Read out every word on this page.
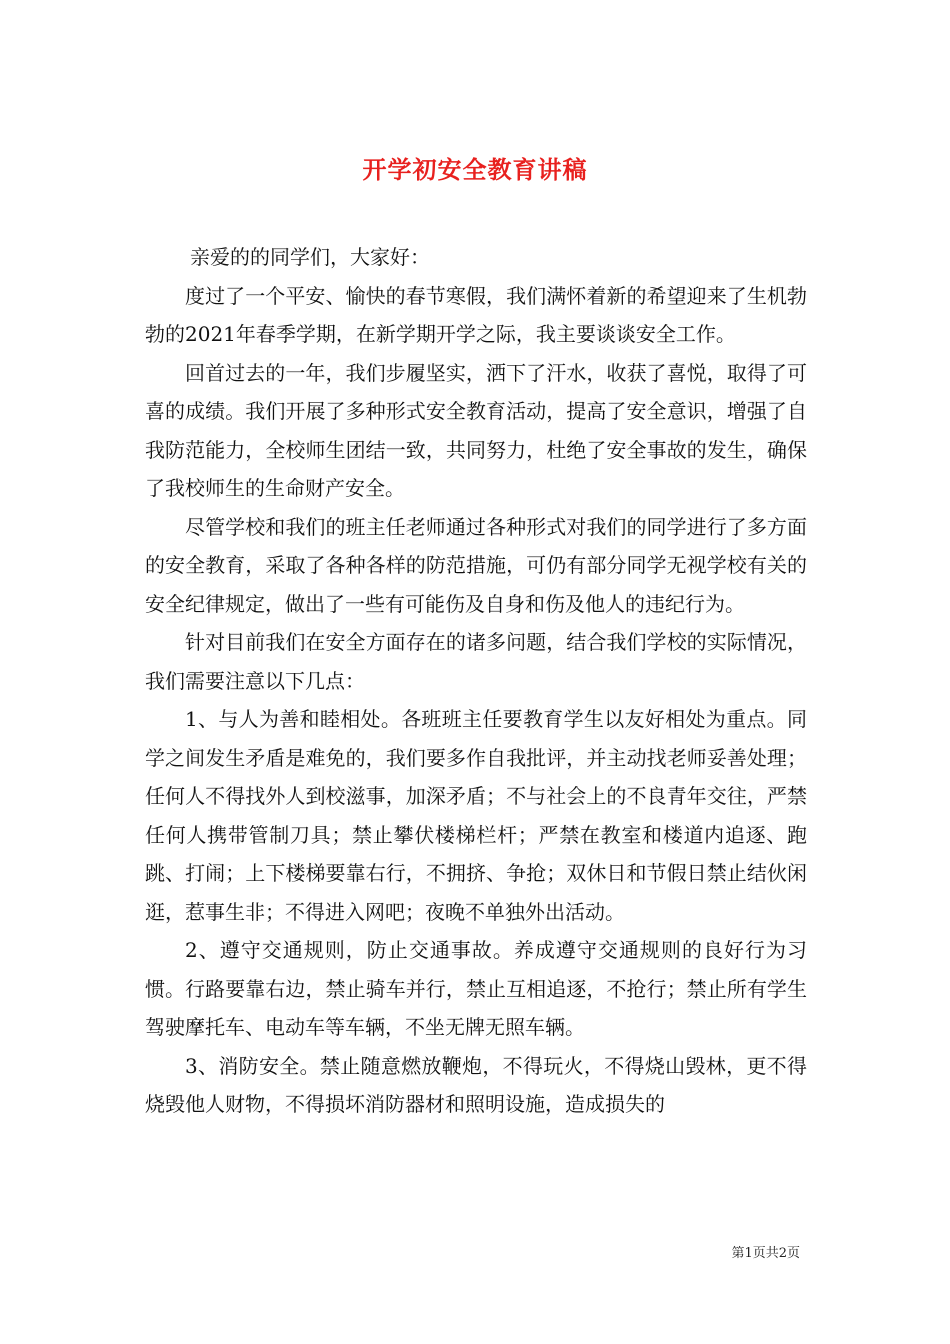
开学初安全教育讲稿

亲爱的的同学们，大家好：

度过了一个平安、愉快的春节寒假，我们满怀着新的希望迎来了生机勃勃的2021年春季学期，在新学期开学之际，我主要谈谈安全工作。

回首过去的一年，我们步履坚实，洒下了汗水，收获了喜悦，取得了可喜的成绩。我们开展了多种形式安全教育活动，提高了安全意识，增强了自我防范能力，全校师生团结一致，共同努力，杜绝了安全事故的发生，确保了我校师生的生命财产安全。

尽管学校和我们的班主任老师通过各种形式对我们的同学进行了多方面的安全教育，采取了各种各样的防范措施，可仍有部分同学无视学校有关的安全纪律规定，做出了一些有可能伤及自身和伤及他人的违纪行为。

针对目前我们在安全方面存在的诸多问题，结合我们学校的实际情况，我们需要注意以下几点：

1、与人为善和睦相处。各班班主任要教育学生以友好相处为重点。同学之间发生矛盾是难免的，我们要多作自我批评，并主动找老师妥善处理；任何人不得找外人到校滋事，加深矛盾；不与社会上的不良青年交往，严禁任何人携带管制刀具；禁止攀伏楼梯栏杆；严禁在教室和楼道内追逐、跑跳、打闹；上下楼梯要靠右行，不拥挤、争抢；双休日和节假日禁止结伙闲逛，惹事生非；不得进入网吧；夜晚不单独外出活动。

2、遵守交通规则，防止交通事故。养成遵守交通规则的良好行为习惯。行路要靠右边，禁止骑车并行，禁止互相追逐，不抢行；禁止所有学生驾驶摩托车、电动车等车辆，不坐无牌无照车辆。

3、消防安全。禁止随意燃放鞭炮，不得玩火，不得烧山毁林，更不得烧毁他人财物，不得损坏消防器材和照明设施，造成损失的

第1页共2页
